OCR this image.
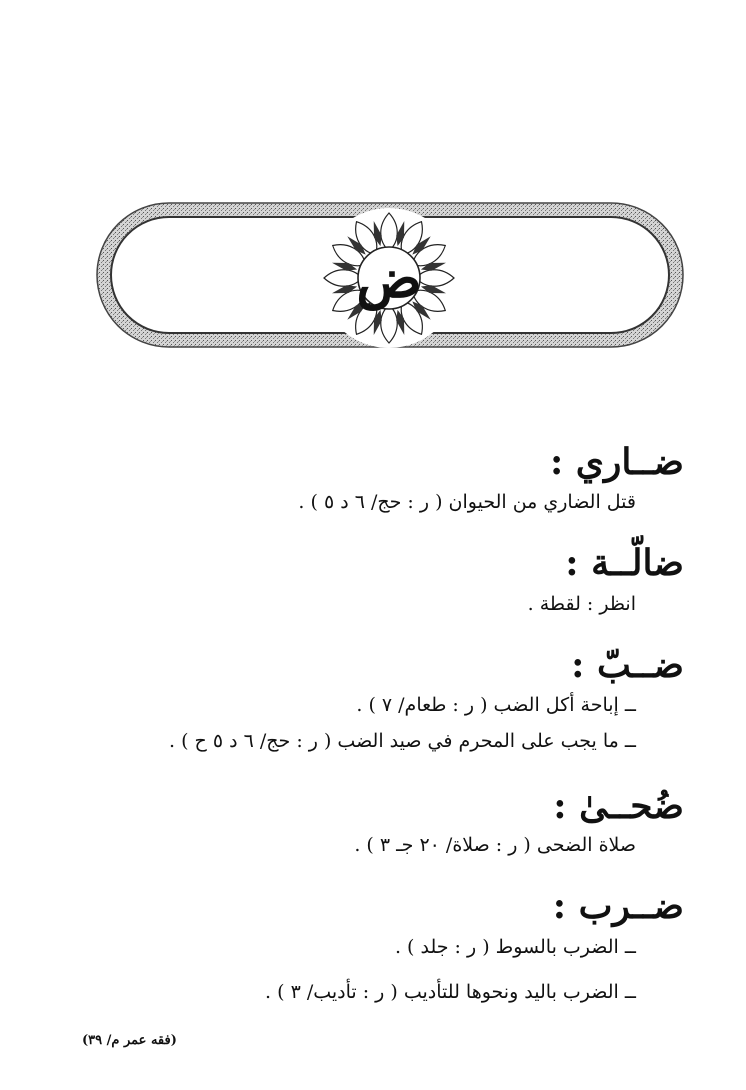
ض
ضــاري :
قتل الضاري من الحيوان ( ر : حج/ ٦ د ٥ ) .
ضالّــة :
انظر : لقطة .
ضــبّ :
ــ إباحة أكل الضب ( ر : طعام/ ٧ ) .
ــ ما يجب على المحرم في صيد الضب ( ر : حج/ ٦ د ٥ ح ) .
ضُحــىٰ :
صلاة الضحى ( ر : صلاة/ ٢٠ جـ ٣ ) .
ضــرب :
ــ الضرب بالسوط ( ر : جلد ) .
ــ الضرب باليد ونحوها للتأديب ( ر : تأديب/ ٣ ) .
(فقه عمر م/ ٣٩)
